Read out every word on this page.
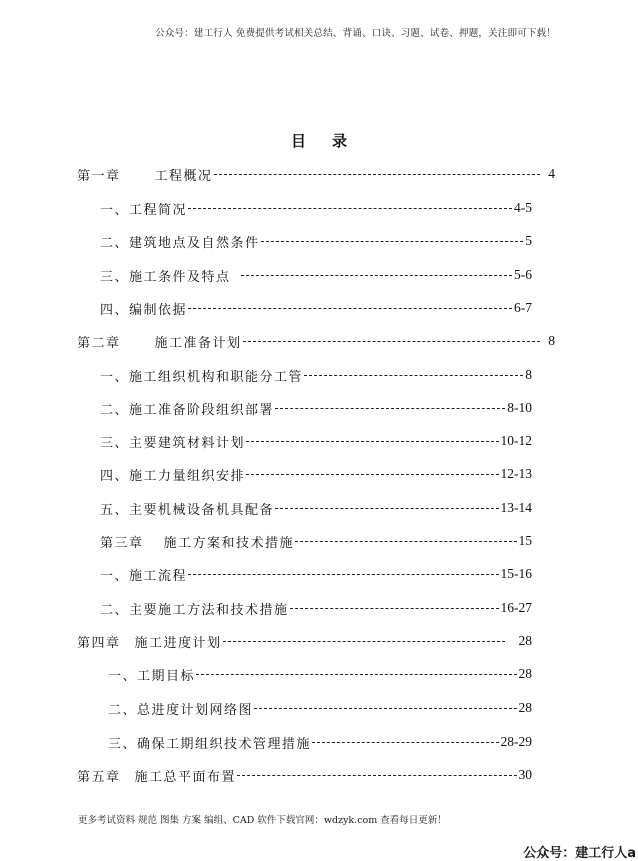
公众号：建工行人 免费提供考试相关总结、背诵、口诀、习题、试卷、押题，关注即可下载！
目 录
第一章	工程概况	4
一、工程简况	4-5
二、建筑地点及自然条件	5
三、施工条件及特点	5-6
四、编制依据	6-7
第二章	施工准备计划	8
一、施工组织机构和职能分工管	8
二、施工准备阶段组织部署	8-10
三、主要建筑材料计划	10-12
四、施工力量组织安排	12-13
五、主要机械设备机具配备	13-14
第三章 施工方案和技术措施	15
一、施工流程	15-16
二、主要施工方法和技术措施	16-27
第四章 施工进度计划	28
一、工期目标	28
二、总进度计划网络图	28
三、确保工期组织技术管理措施	28-29
第五章 施工总平面布置	30
更多考试资料 规范 图集 方案 编组、CAD 软件下载官网：wdzyk.com 查看每日更新！
公众号：建工行人a
